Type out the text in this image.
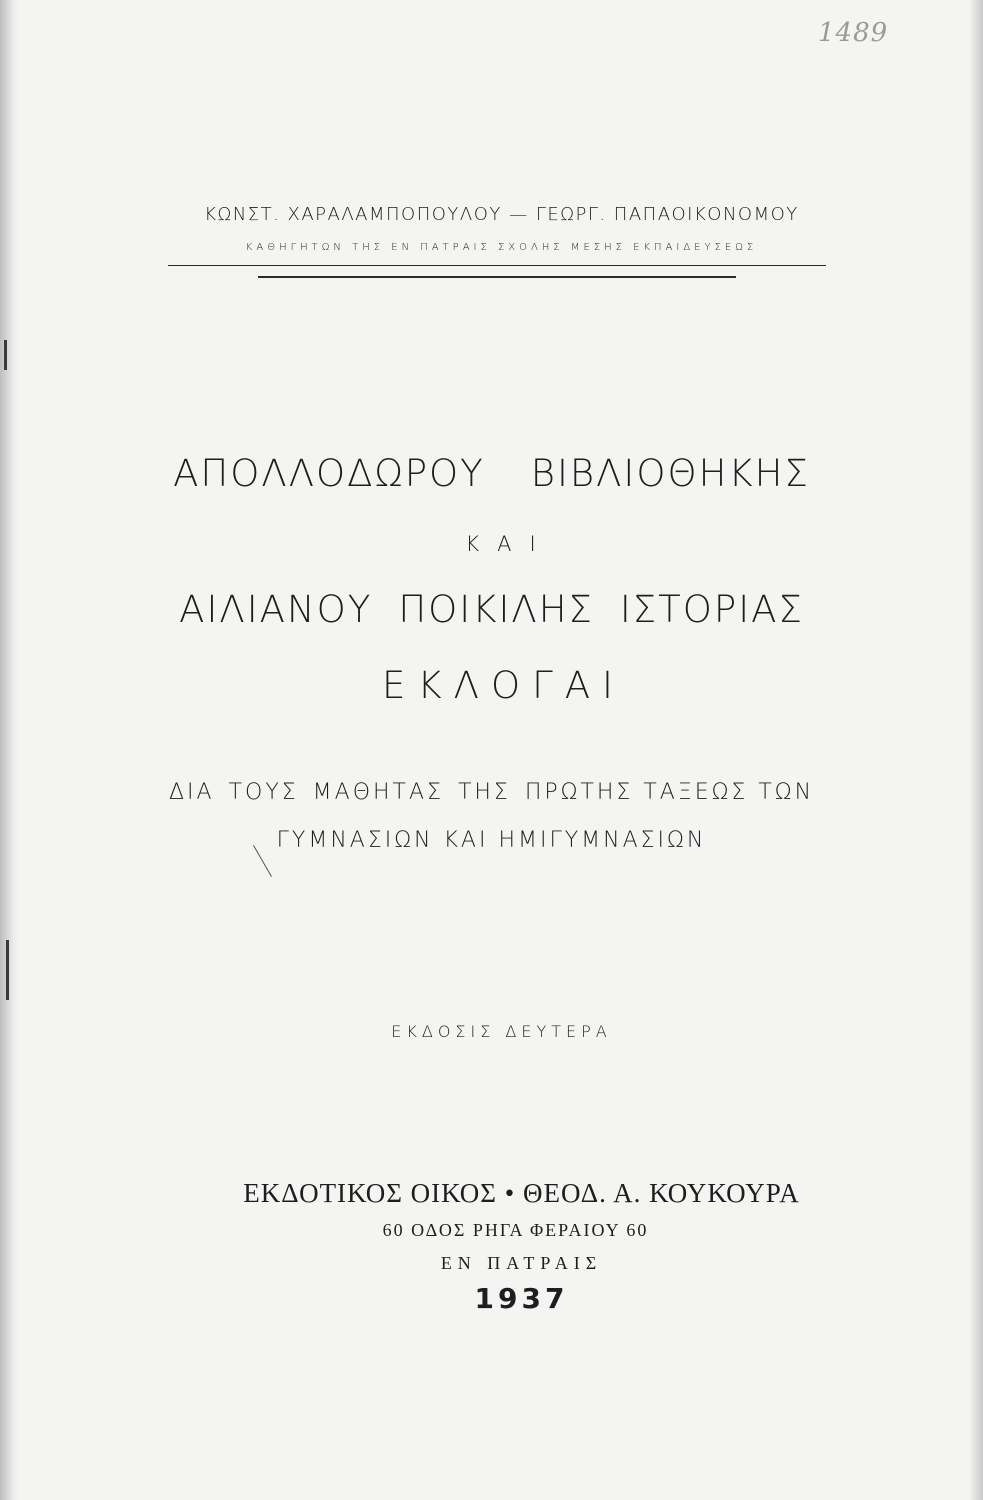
1489
ΚΩΝΣΤ. ΧΑΡΑΛΑΜΠΟΠΟΥΛΟΥ — ΓΕΩΡΓ. ΠΑΠΑΟΙΚΟΝΟΜΟΥ
ΚΑΘΗΓΗΤΩΝ ΤΗΣ ΕΝ ΠΑΤΡΑΙΣ ΣΧΟΛΗΣ ΜΕΣΗΣ ΕΚΠΑΙΔΕΥΣΕΩΣ
ΑΠΟΛΛΟΔΩΡΟΥ ΒΙΒΛΙΟΘΗΚΗΣ
ΚΑΙ
ΑΙΛΙΑΝΟΥ ΠΟΙΚΙΛΗΣ ΙΣΤΟΡΙΑΣ
ΕΚΛΟΓΑΙ
ΔΙΑ ΤΟΥΣ ΜΑΘΗΤΑΣ ΤΗΣ ΠΡΩΤΗΣ ΤΑΞΕΩΣ ΤΩΝ
ΓΥΜΝΑΣΙΩΝ ΚΑΙ ΗΜΙΓΥΜΝΑΣΙΩΝ
ΕΚΔΟΣΙΣ ΔΕΥΤΕΡΑ
ΕΚΔΟΤΙΚΟΣ ΟΙΚΟΣ • ΘΕΟΔ. Α. ΚΟΥΚΟΥΡΑ
60 ΟΔΟΣ ΡΗΓΑ ΦΕΡΑΙΟΥ 60
ΕΝ ΠΑΤΡΑΙΣ
1937
